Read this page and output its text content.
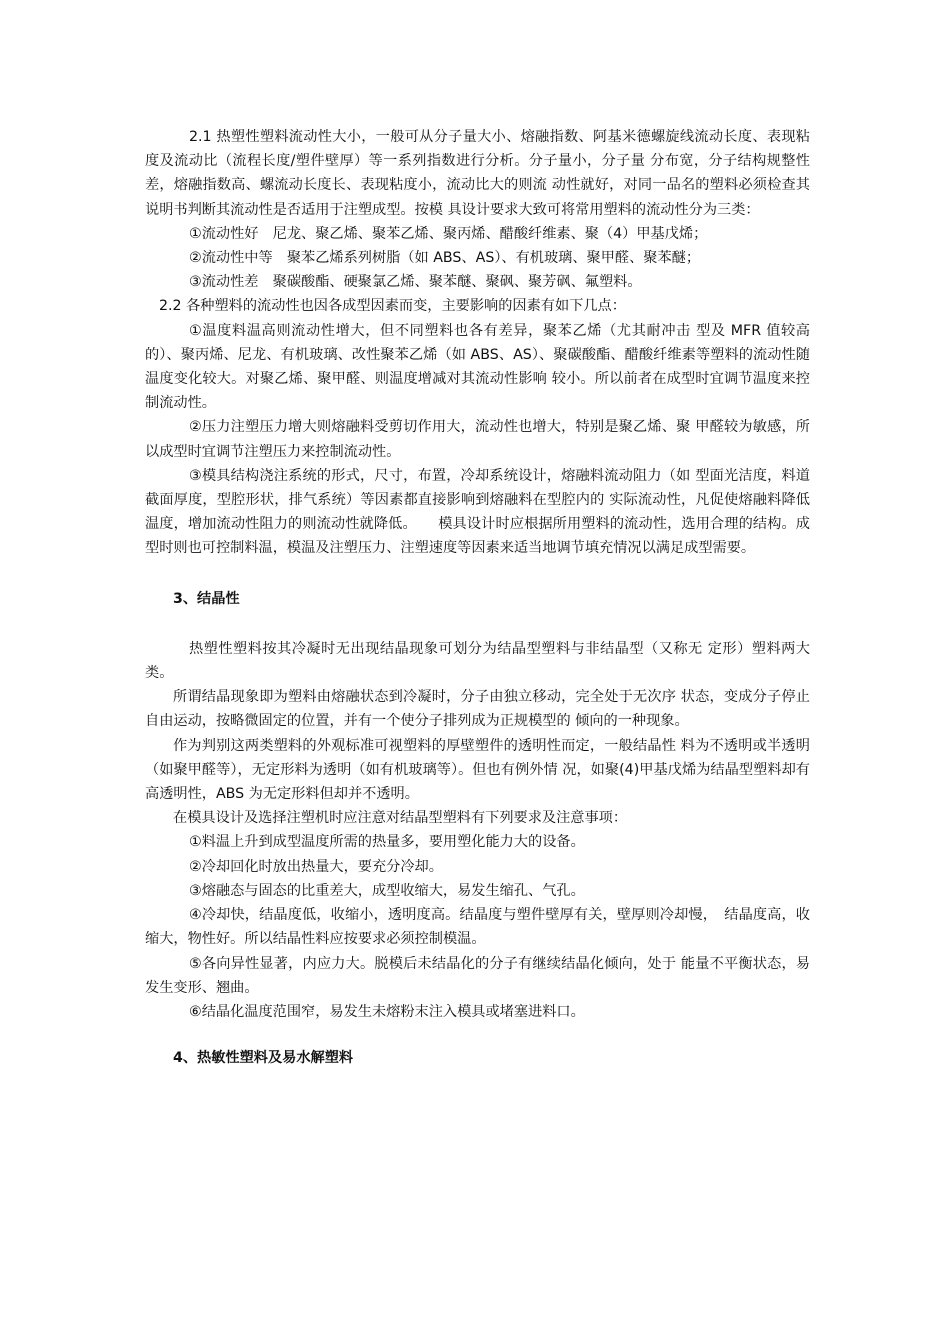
2.1 热塑性塑料流动性大小，一般可从分子量大小、熔融指数、阿基米德螺旋线流动长度、表现粘度及流动比（流程长度/塑件壁厚）等一系列指数进行分析。分子量小，分子量 分布宽，分子结构规整性差，熔融指数高、螺流动长度长、表现粘度小，流动比大的则流 动性就好，对同一品名的塑料必须检查其说明书判断其流动性是否适用于注塑成型。按模 具设计要求大致可将常用塑料的流动性分为三类：

①流动性好　尼龙、聚乙烯、聚苯乙烯、聚丙烯、醋酸纤维素、聚（4）甲基戊烯；

②流动性中等　聚苯乙烯系列树脂（如 ABS、AS）、有机玻璃、聚甲醛、聚苯醚；

③流动性差　聚碳酸酯、硬聚氯乙烯、聚苯醚、聚砜、聚芳砜、氟塑料。

2.2 各种塑料的流动性也因各成型因素而变，主要影响的因素有如下几点：

①温度料温高则流动性增大，但不同塑料也各有差异，聚苯乙烯（尤其耐冲击 型及 MFR 值较高的）、聚丙烯、尼龙、有机玻璃、改性聚苯乙烯（如 ABS、AS）、聚碳酸酯、醋酸纤维素等塑料的流动性随温度变化较大。对聚乙烯、聚甲醛、则温度增减对其流动性影响 较小。所以前者在成型时宜调节温度来控制流动性。

②压力注塑压力增大则熔融料受剪切作用大，流动性也增大，特别是聚乙烯、聚 甲醛较为敏感，所以成型时宜调节注塑压力来控制流动性。

③模具结构浇注系统的形式，尺寸，布置，冷却系统设计，熔融料流动阻力（如 型面光洁度，料道截面厚度，型腔形状，排气系统）等因素都直接影响到熔融料在型腔内的 实际流动性，凡促使熔融料降低温度，增加流动性阻力的则流动性就降低。　　模具设计时应根据所用塑料的流动性，选用合理的结构。成型时则也可控制料温，模温及注塑压力、注塑速度等因素来适当地调节填充情况以满足成型需要。

3、结晶性

热塑性塑料按其冷凝时无出现结晶现象可划分为结晶型塑料与非结晶型（又称无 定形）塑料两大类。

所谓结晶现象即为塑料由熔融状态到冷凝时，分子由独立移动，完全处于无次序 状态，变成分子停止自由运动，按略微固定的位置，并有一个使分子排列成为正规模型的 倾向的一种现象。

作为判别这两类塑料的外观标准可视塑料的厚壁塑件的透明性而定，一般结晶性 料为不透明或半透明（如聚甲醛等），无定形料为透明（如有机玻璃等）。但也有例外情 况，如聚(4)甲基戊烯为结晶型塑料却有高透明性，ABS 为无定形料但却并不透明。

在模具设计及选择注塑机时应注意对结晶型塑料有下列要求及注意事项：

①料温上升到成型温度所需的热量多，要用塑化能力大的设备。

②冷却回化时放出热量大，要充分冷却。

③熔融态与固态的比重差大，成型收缩大，易发生缩孔、气孔。

④冷却快，结晶度低，收缩小，透明度高。结晶度与塑件壁厚有关，壁厚则冷却慢，　结晶度高，收缩大，物性好。所以结晶性料应按要求必须控制模温。

⑤各向异性显著，内应力大。脱模后未结晶化的分子有继续结晶化倾向，处于 能量不平衡状态，易发生变形、翘曲。

⑥结晶化温度范围窄，易发生未熔粉末注入模具或堵塞进料口。

4、热敏性塑料及易水解塑料
